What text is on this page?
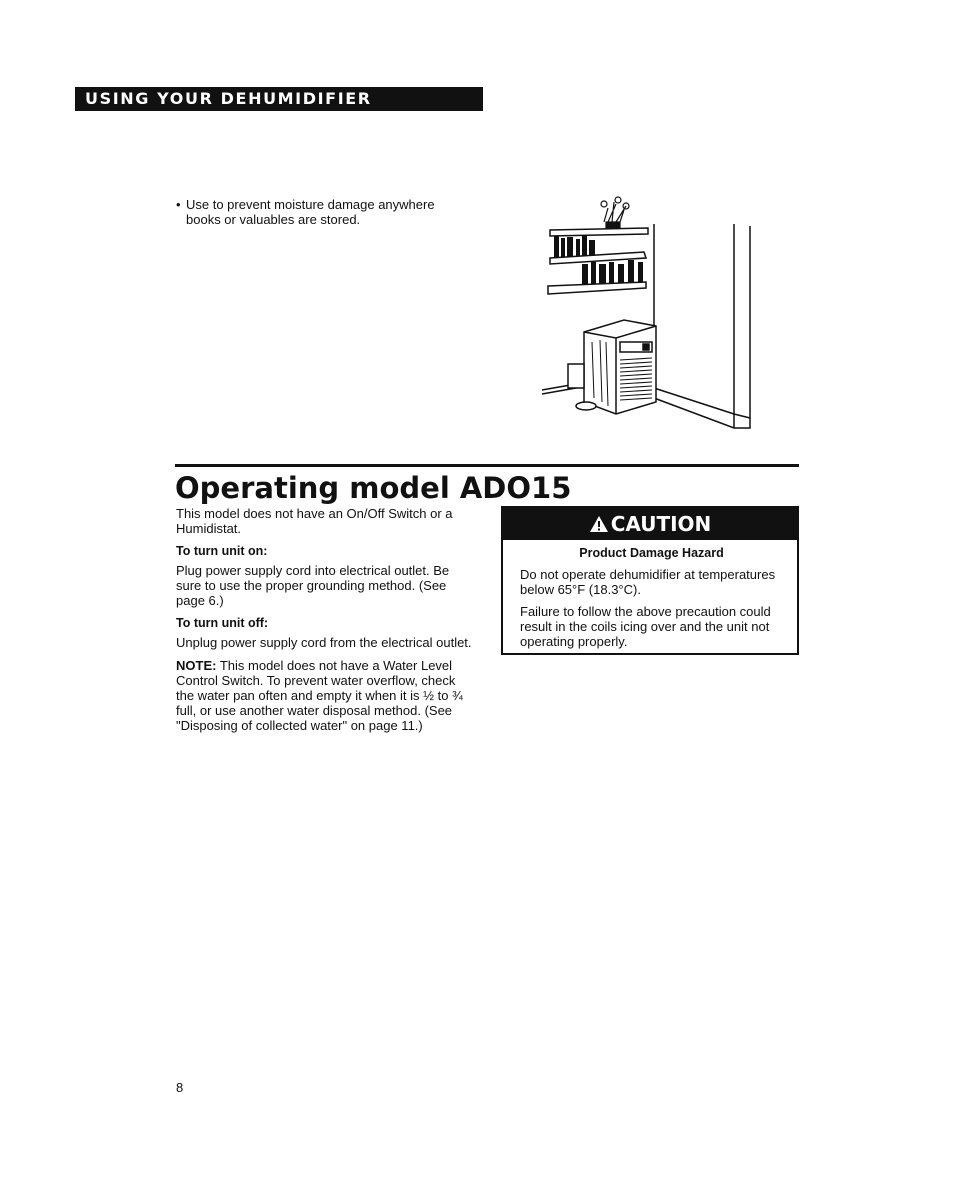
USING YOUR DEHUMIDIFIER
• Use to prevent moisture damage anywhere books or valuables are stored.
Operating model ADO15

This model does not have an On/Off Switch or a Humidistat.

To turn unit on:

Plug power supply cord into electrical outlet. Be sure to use the proper grounding method. (See page 6.)

To turn unit off:

Unplug power supply cord from the electrical outlet.

NOTE: This model does not have a Water Level Control Switch. To prevent water overflow, check the water pan often and empty it when it is ½ to ¾ full, or use another water disposal method. (See "Disposing of collected water" on page 11.)

CAUTION

Product Damage Hazard

Do not operate dehumidifier at temperatures below 65°F (18.3°C).

Failure to follow the above precaution could result in the coils icing over and the unit not operating properly.

8
